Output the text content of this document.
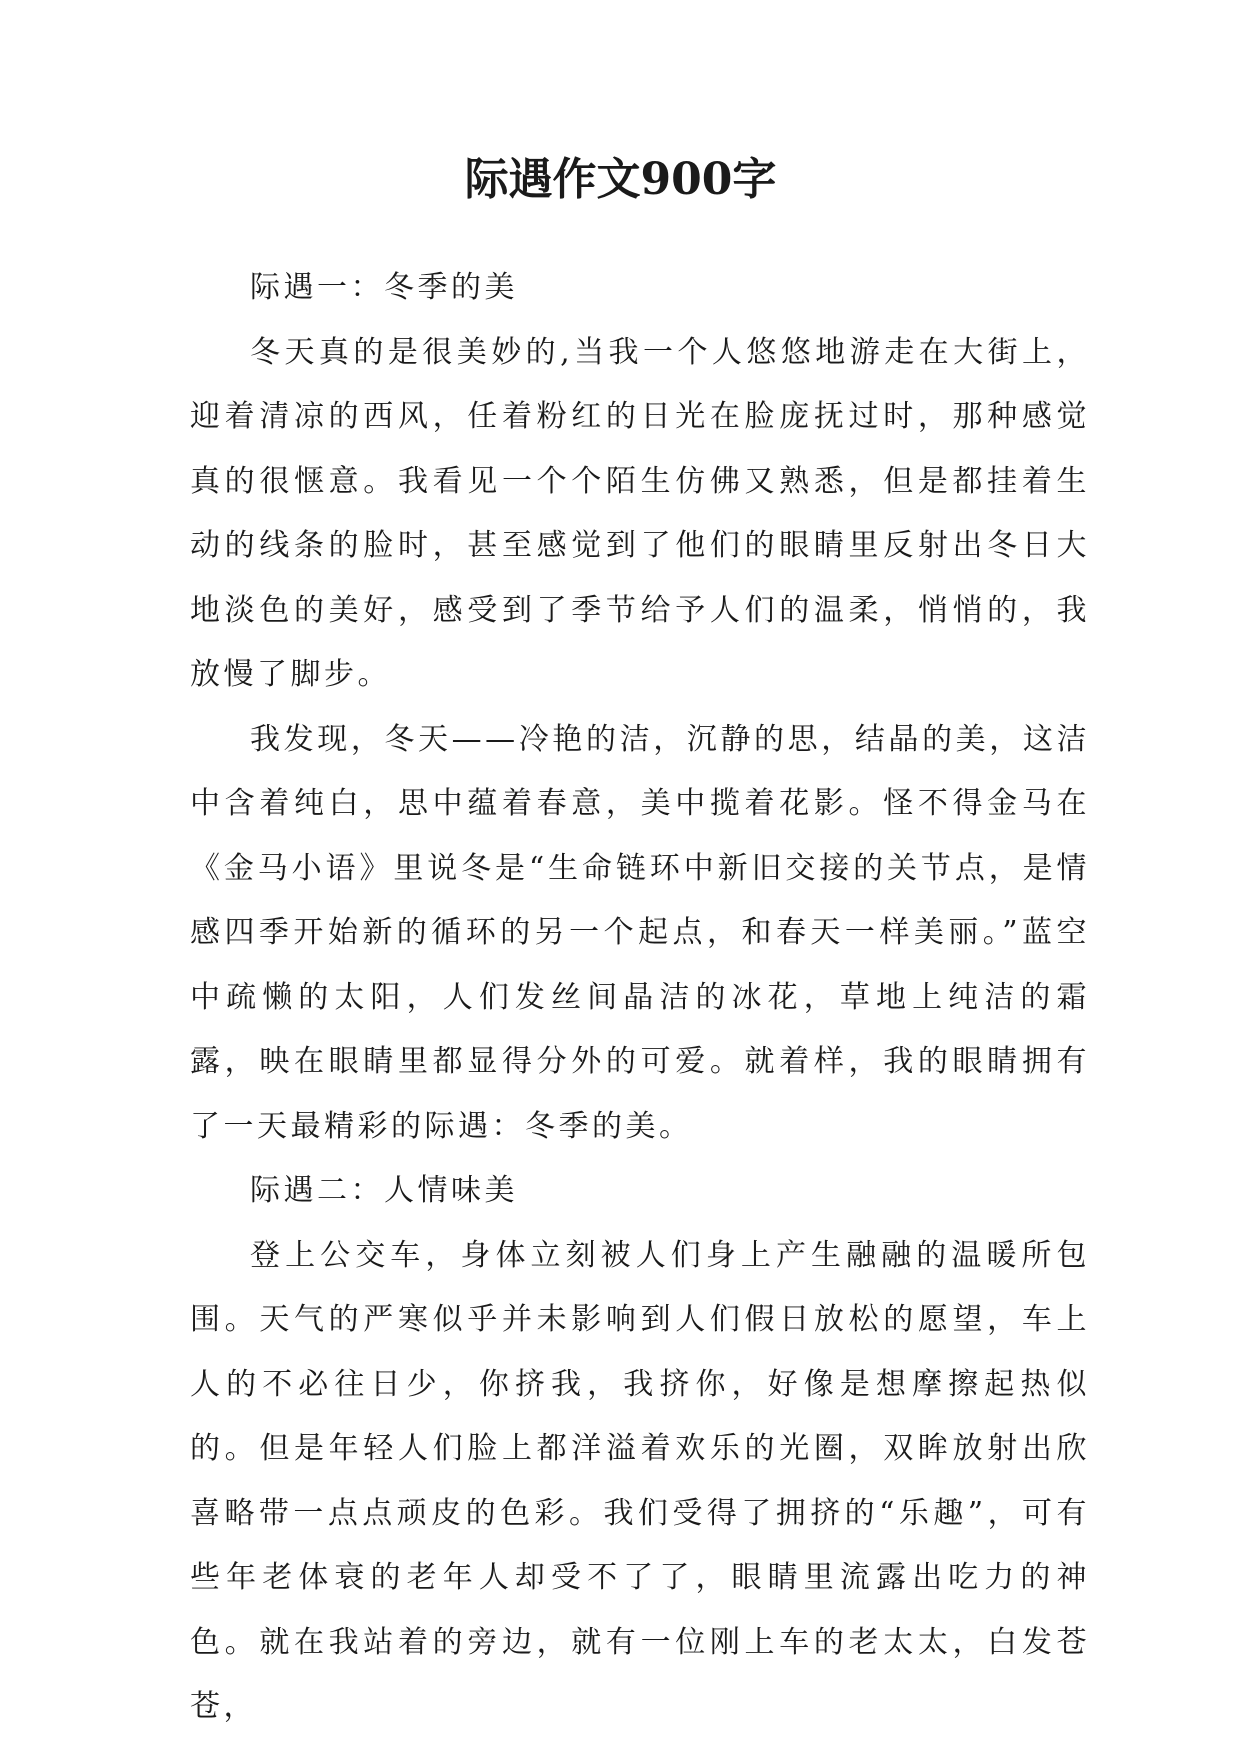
际遇作文900字

际遇一：冬季的美

冬天真的是很美妙的,当我一个人悠悠地游走在大街上，迎着清凉的西风，任着粉红的日光在脸庞抚过时，那种感觉真的很惬意。我看见一个个陌生仿佛又熟悉，但是都挂着生动的线条的脸时，甚至感觉到了他们的眼睛里反射出冬日大地淡色的美好，感受到了季节给予人们的温柔，悄悄的，我放慢了脚步。

我发现，冬天——冷艳的洁，沉静的思，结晶的美，这洁中含着纯白，思中蕴着春意，美中揽着花影。怪不得金马在《金马小语》里说冬是“生命链环中新旧交接的关节点，是情感四季开始新的循环的另一个起点，和春天一样美丽。”蓝空中疏懒的太阳，人们发丝间晶洁的冰花，草地上纯洁的霜露，映在眼睛里都显得分外的可爱。就着样，我的眼睛拥有了一天最精彩的际遇：冬季的美。

际遇二：人情味美

登上公交车，身体立刻被人们身上产生融融的温暖所包围。天气的严寒似乎并未影响到人们假日放松的愿望，车上人的不必往日少，你挤我，我挤你，好像是想摩擦起热似的。但是年轻人们脸上都洋溢着欢乐的光圈，双眸放射出欣喜略带一点点顽皮的色彩。我们受得了拥挤的“乐趣”，可有些年老体衰的老年人却受不了了，眼睛里流露出吃力的神色。就在我站着的旁边，就有一位刚上车的老太太，白发苍苍，
